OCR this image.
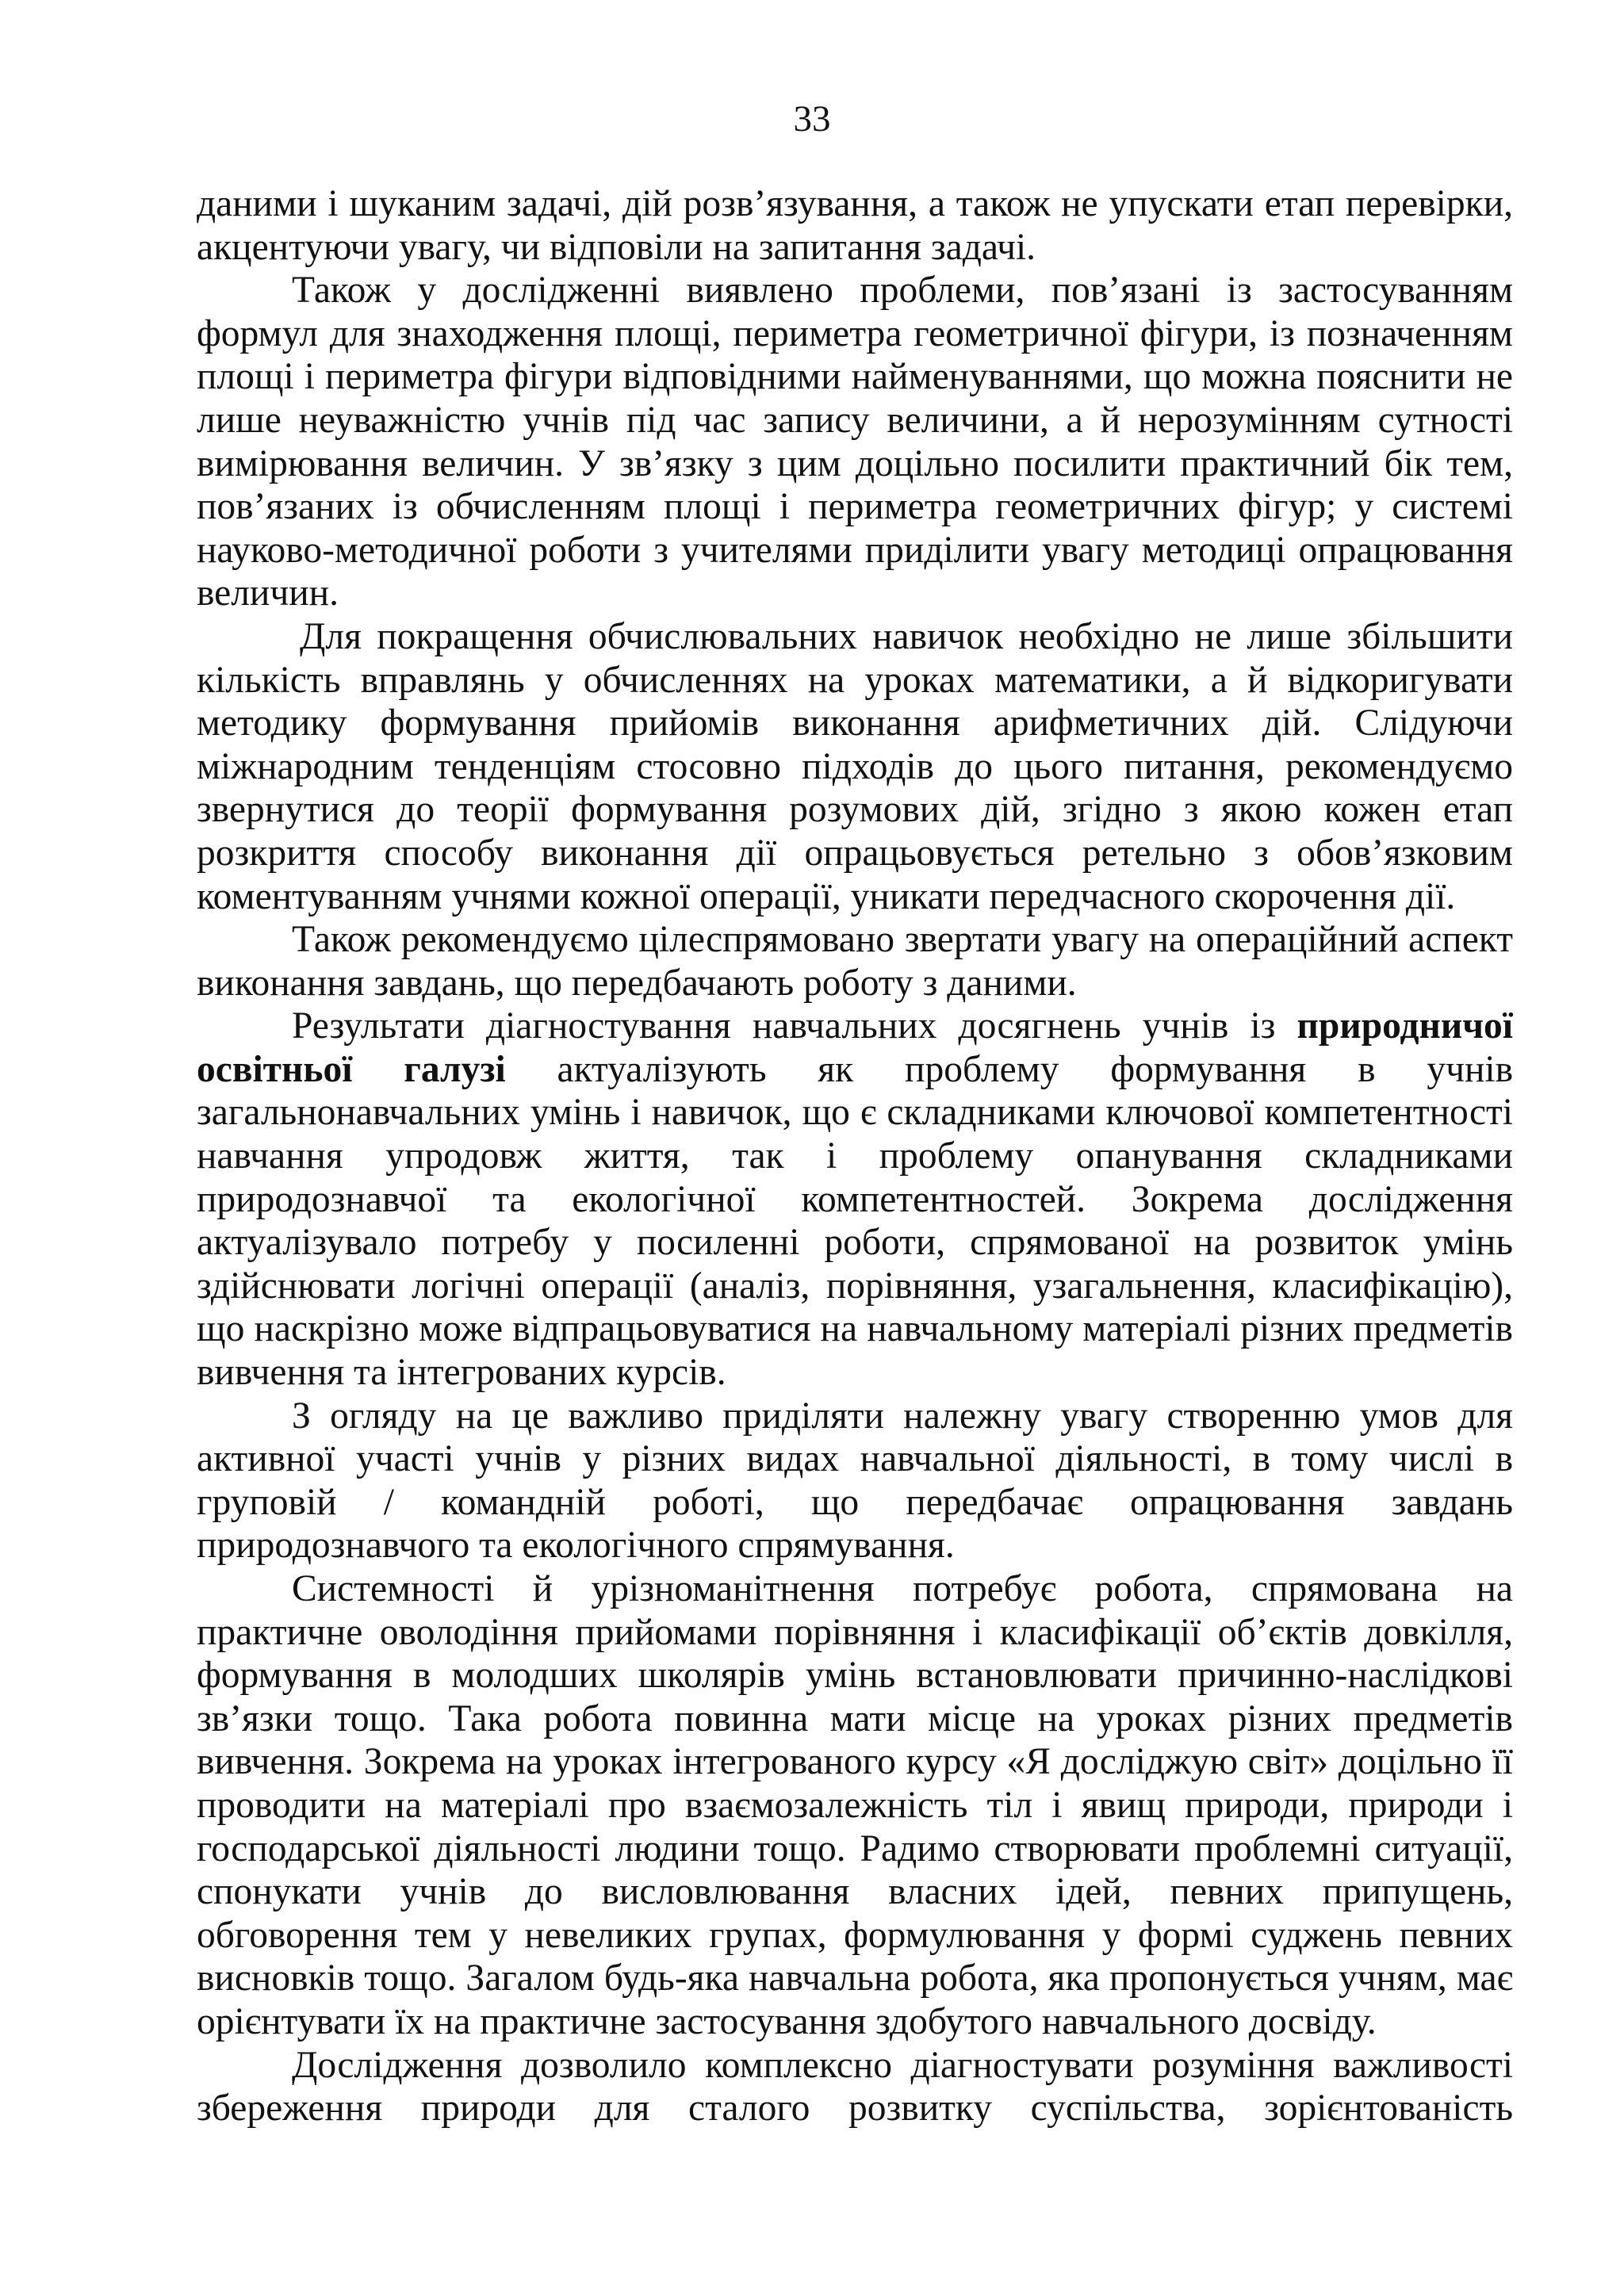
33

даними і шуканим задачі, дій розв’язування, а також не упускати етап перевірки, акцентуючи увагу, чи відповіли на запитання задачі.

Також у дослідженні виявлено проблеми, пов’язані із застосуванням формул для знаходження площі, периметра геометричної фігури, із позначенням площі і периметра фігури відповідними найменуваннями, що можна пояснити не лише неуважністю учнів під час запису величини, а й нерозумінням сутності вимірювання величин. У зв’язку з цим доцільно посилити практичний бік тем, пов’язаних із обчисленням площі і периметра геометричних фігур; у системі науково-методичної роботи з учителями приділити увагу методиці опрацювання величин.

Для покращення обчислювальних навичок необхідно не лише збільшити кількість вправлянь у обчисленнях на уроках математики, а й відкоригувати методику формування прийомів виконання арифметичних дій. Слідуючи міжнародним тенденціям стосовно підходів до цього питання, рекомендуємо звернутися до теорії формування розумових дій, згідно з якою кожен етап розкриття способу виконання дії опрацьовується ретельно з обов’язковим коментуванням учнями кожної операції, уникати передчасного скорочення дії.

Також рекомендуємо цілеспрямовано звертати увагу на операційний аспект виконання завдань, що передбачають роботу з даними.

Результати діагностування навчальних досягнень учнів із природничої освітньої галузі актуалізують як проблему формування в учнів загальнонавчальних умінь і навичок, що є складниками ключової компетентності навчання упродовж життя, так і проблему опанування складниками природознавчої та екологічної компетентностей. Зокрема дослідження актуалізувало потребу у посиленні роботи, спрямованої на розвиток умінь здійснювати логічні операції (аналіз, порівняння, узагальнення, класифікацію), що наскрізно може відпрацьовуватися на навчальному матеріалі різних предметів вивчення та інтегрованих курсів.

З огляду на це важливо приділяти належну увагу створенню умов для активної участі учнів у різних видах навчальної діяльності, в тому числі в груповій / командній роботі, що передбачає опрацювання завдань природознавчого та екологічного спрямування.

Системності й урізноманітнення потребує робота, спрямована на практичне оволодіння прийомами порівняння і класифікації об’єктів довкілля, формування в молодших школярів умінь встановлювати причинно-наслідкові зв’язки тощо. Така робота повинна мати місце на уроках різних предметів вивчення. Зокрема на уроках інтегрованого курсу «Я досліджую світ» доцільно її проводити на матеріалі про взаємозалежність тіл і явищ природи, природи і господарської діяльності людини тощо. Радимо створювати проблемні ситуації, спонукати учнів до висловлювання власних ідей, певних припущень, обговорення тем у невеликих групах, формулювання у формі суджень певних висновків тощо. Загалом будь-яка навчальна робота, яка пропонується учням, має орієнтувати їх на практичне застосування здобутого навчального досвіду.

Дослідження дозволило комплексно діагностувати розуміння важливості збереження природи для сталого розвитку суспільства, зорієнтованість
